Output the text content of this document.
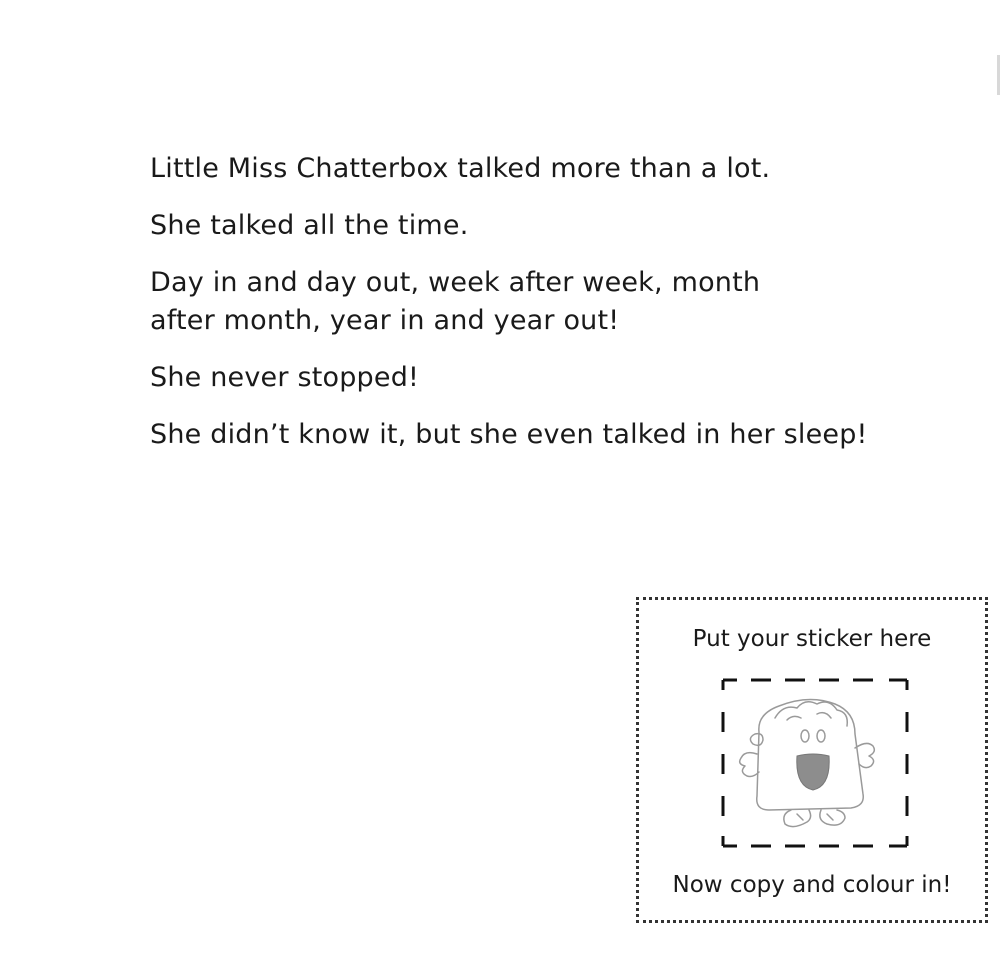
Little Miss Chatterbox talked more than a lot.

She talked all the time.

Day in and day out, week after week, month after month, year in and year out!

She never stopped!

She didn’t know it, but she even talked in her sleep!

Put your sticker here
Now copy and colour in!
